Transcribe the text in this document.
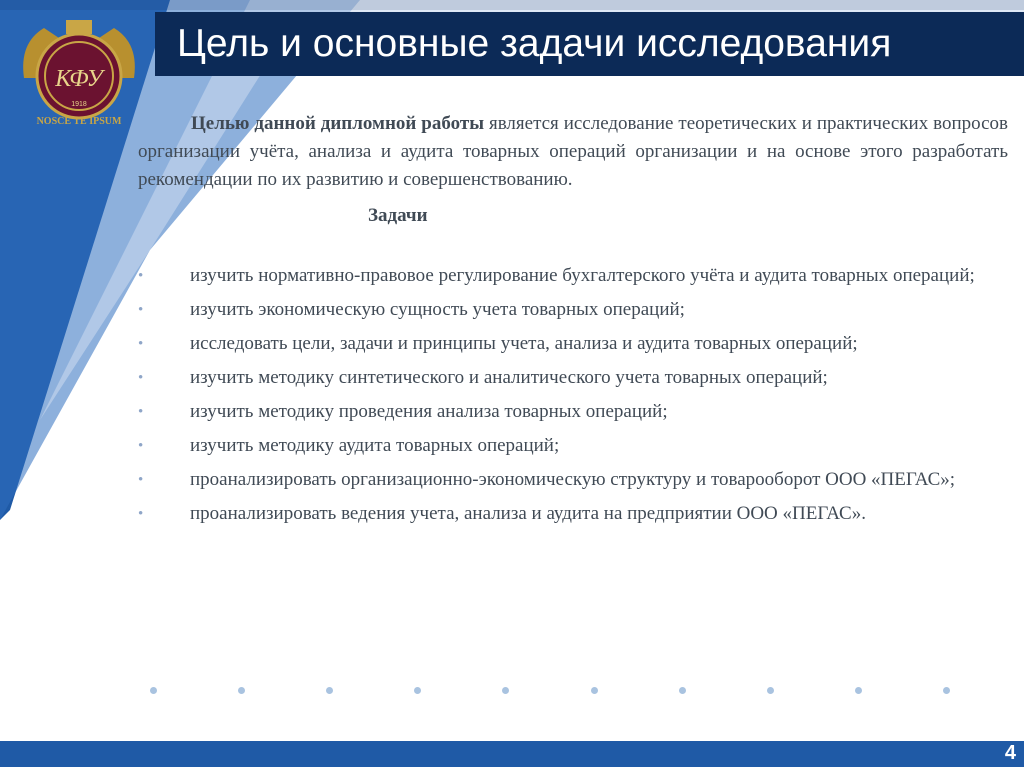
КФУ
1918
NOSCE TE IPSUM
Цель и основные задачи исследования

Целью данной дипломной работы является исследование теоретических и практических вопросов организации учёта, анализа и аудита товарных операций организации и на основе этого разработать рекомендации по их развитию и совершенствованию.

Задачи
•	изучить нормативно-правовое регулирование бухгалтерского учёта и аудита товарных операций;
•	изучить экономическую сущность учета товарных операций;
•	исследовать цели, задачи и принципы учета, анализа и аудита товарных операций;
•	изучить методику синтетического и аналитического учета товарных операций;
•	изучить методику проведения анализа товарных операций;
•	изучить методику аудита товарных операций;
•	проанализировать организационно-экономическую структуру и товарооборот ООО «ПЕГАС»;
•	проанализировать ведения учета, анализа и аудита на предприятии ООО «ПЕГАС».
4
